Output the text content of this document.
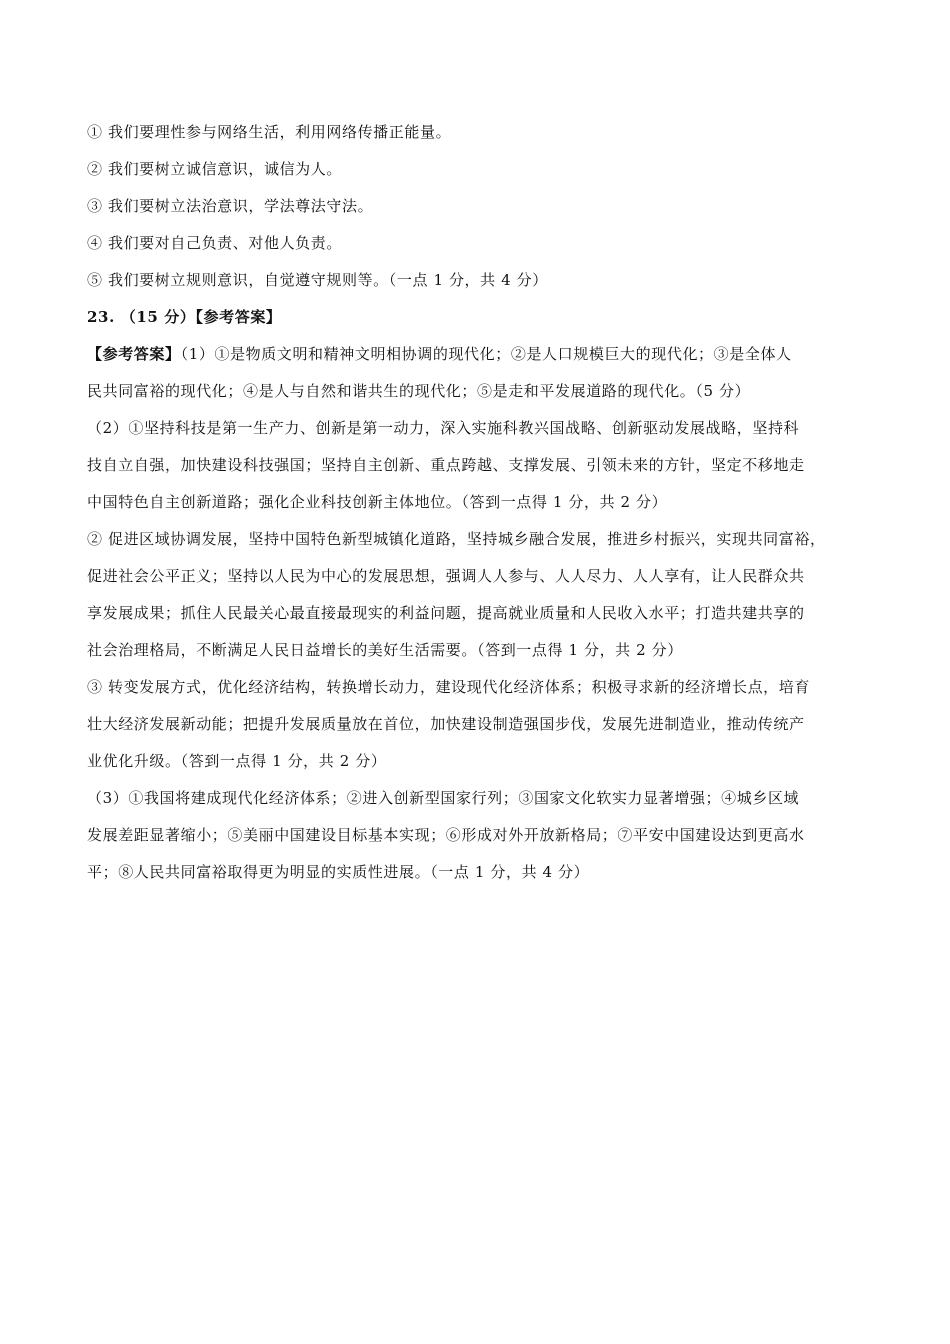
① 我们要理性参与网络生活，利用网络传播正能量。
② 我们要树立诚信意识，诚信为人。
③ 我们要树立法治意识，学法尊法守法。
④ 我们要对自己负责、对他人负责。
⑤ 我们要树立规则意识，自觉遵守规则等。（一点 1 分，共 4 分）
23. （15 分）【参考答案】
【参考答案】（1）①是物质文明和精神文明相协调的现代化；②是人口规模巨大的现代化；③是全体人
民共同富裕的现代化；④是人与自然和谐共生的现代化；⑤是走和平发展道路的现代化。（5 分）
（2）①坚持科技是第一生产力、创新是第一动力，深入实施科教兴国战略、创新驱动发展战略，坚持科
技自立自强，加快建设科技强国；坚持自主创新、重点跨越、支撑发展、引领未来的方针，坚定不移地走
中国特色自主创新道路；强化企业科技创新主体地位。（答到一点得 1 分，共 2 分）
② 促进区域协调发展，坚持中国特色新型城镇化道路，坚持城乡融合发展，推进乡村振兴，实现共同富裕，
促进社会公平正义；坚持以人民为中心的发展思想，强调人人参与、人人尽力、人人享有，让人民群众共
享发展成果；抓住人民最关心最直接最现实的利益问题，提高就业质量和人民收入水平；打造共建共享的
社会治理格局，不断满足人民日益增长的美好生活需要。（答到一点得 1 分，共 2 分）
③ 转变发展方式，优化经济结构，转换增长动力，建设现代化经济体系；积极寻求新的经济增长点，培育
壮大经济发展新动能；把提升发展质量放在首位，加快建设制造强国步伐，发展先进制造业，推动传统产
业优化升级。（答到一点得 1 分，共 2 分）
（3）①我国将建成现代化经济体系；②进入创新型国家行列；③国家文化软实力显著增强；④城乡区域
发展差距显著缩小；⑤美丽中国建设目标基本实现；⑥形成对外开放新格局；⑦平安中国建设达到更高水
平；⑧人民共同富裕取得更为明显的实质性进展。（一点 1 分，共 4 分）
